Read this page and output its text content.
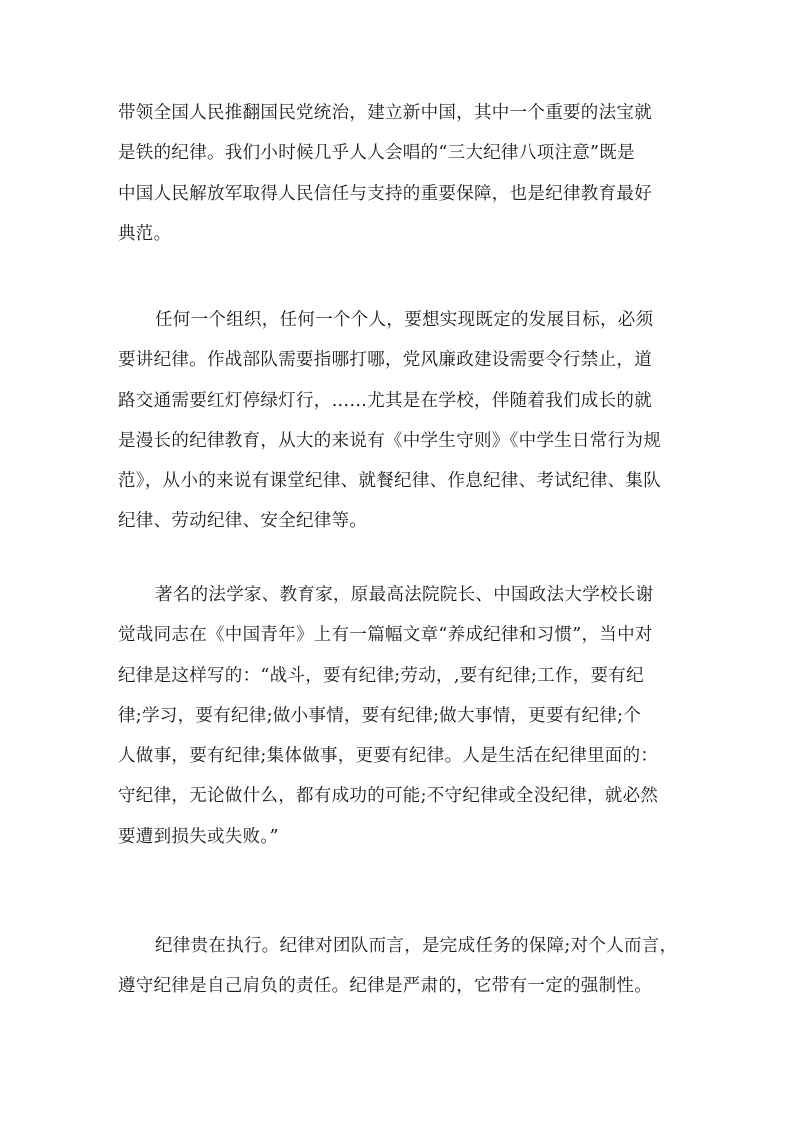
带领全国人民推翻国民党统治，建立新中国，其中一个重要的法宝就
是铁的纪律。我们小时候几乎人人会唱的“三大纪律八项注意”既是
中国人民解放军取得人民信任与支持的重要保障，也是纪律教育最好
典范。
任何一个组织，任何一个个人，要想实现既定的发展目标，必须
要讲纪律。作战部队需要指哪打哪，党风廉政建设需要令行禁止，道
路交通需要红灯停绿灯行，……尤其是在学校，伴随着我们成长的就
是漫长的纪律教育，从大的来说有《中学生守则》《中学生日常行为规
范》，从小的来说有课堂纪律、就餐纪律、作息纪律、考试纪律、集队
纪律、劳动纪律、安全纪律等。
著名的法学家、教育家，原最高法院院长、中国政法大学校长谢
觉哉同志在《中国青年》上有一篇幅文章“养成纪律和习惯”，当中对
纪律是这样写的：“战斗，要有纪律;劳动，,要有纪律;工作，要有纪
律;学习，要有纪律;做小事情，要有纪律;做大事情，更要有纪律;个
人做事，要有纪律;集体做事，更要有纪律。人是生活在纪律里面的：
守纪律，无论做什么，都有成功的可能;不守纪律或全没纪律，就必然
要遭到损失或失败。”
纪律贵在执行。纪律对团队而言，是完成任务的保障;对个人而言，
遵守纪律是自己肩负的责任。纪律是严肃的，它带有一定的强制性。
